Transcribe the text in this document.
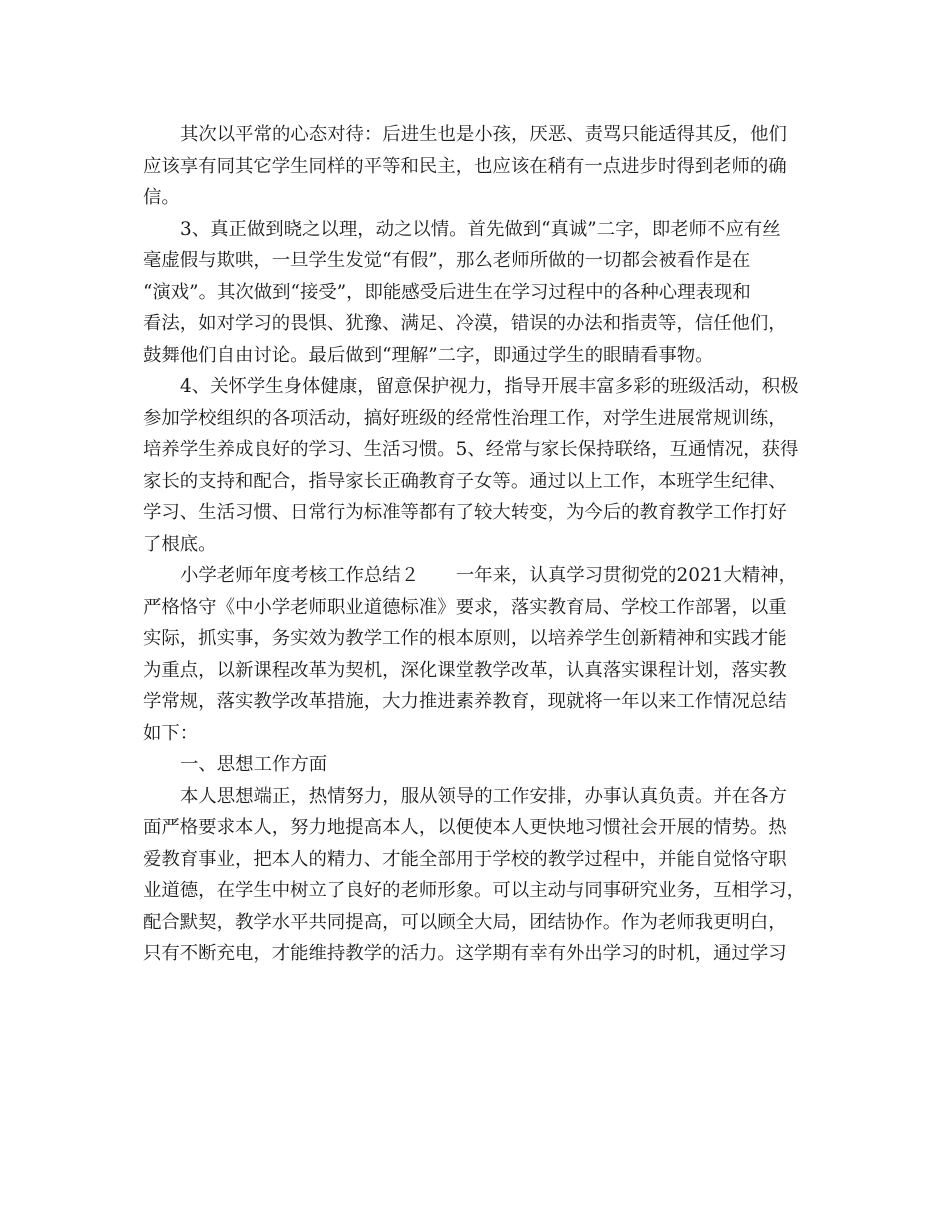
其次以平常的心态对待：后进生也是小孩，厌恶、责骂只能适得其反，他们
应该享有同其它学生同样的平等和民主，也应该在稍有一点进步时得到老师的确
信。
3、真正做到晓之以理，动之以情。首先做到“真诚”二字，即老师不应有丝
毫虚假与欺哄，一旦学生发觉“有假”，那么老师所做的一切都会被看作是在
“演戏”。其次做到“接受”，即能感受后进生在学习过程中的各种心理表现和
看法，如对学习的畏惧、犹豫、满足、冷漠，错误的办法和指责等，信任他们，
鼓舞他们自由讨论。最后做到“理解”二字，即通过学生的眼睛看事物。
4、关怀学生身体健康，留意保护视力，指导开展丰富多彩的班级活动，积极
参加学校组织的各项活动，搞好班级的经常性治理工作，对学生进展常规训练，
培养学生养成良好的学习、生活习惯。5、经常与家长保持联络，互通情况，获得
家长的支持和配合，指导家长正确教育子女等。通过以上工作，本班学生纪律、
学习、生活习惯、日常行为标准等都有了较大转变，为今后的教育教学工作打好
了根底。
小学老师年度考核工作总结２　　一年来，认真学习贯彻党的2021大精神，
严格恪守《中小学老师职业道德标准》要求，落实教育局、学校工作部署，以重
实际，抓实事，务实效为教学工作的根本原则，以培养学生创新精神和实践才能
为重点，以新课程改革为契机，深化课堂教学改革，认真落实课程计划，落实教
学常规，落实教学改革措施，大力推进素养教育，现就将一年以来工作情况总结
如下：
一、思想工作方面
本人思想端正，热情努力，服从领导的工作安排，办事认真负责。并在各方
面严格要求本人，努力地提高本人，以便使本人更快地习惯社会开展的情势。热
爱教育事业，把本人的精力、才能全部用于学校的教学过程中，并能自觉恪守职
业道德，在学生中树立了良好的老师形象。可以主动与同事研究业务，互相学习，
配合默契，教学水平共同提高，可以顾全大局，团结协作。作为老师我更明白，
只有不断充电，才能维持教学的活力。这学期有幸有外出学习的时机，通过学习
